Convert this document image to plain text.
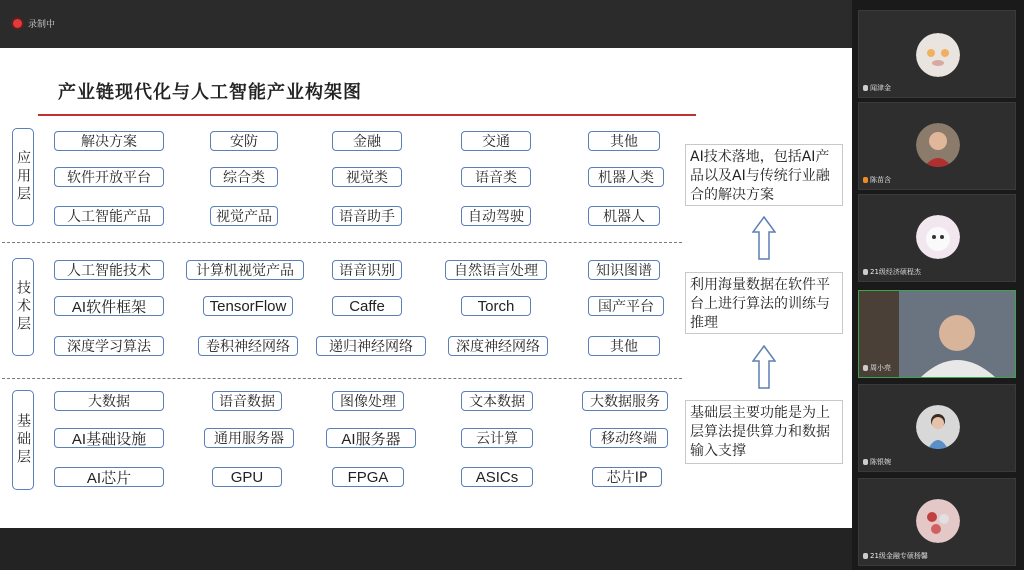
录制中
产业链现代化与人工智能产业构架图
应用层
技术层
基础层
解决方案	安防	金融	交通	其他
软件开放平台	综合类	视觉类	语音类	机器人类
人工智能产品	视觉产品	语音助手	自动驾驶	机器人
人工智能技术	计算机视觉产品	语音识别	自然语言处理	知识图谱
AI软件框架	TensorFlow	Caffe	Torch	国产平台
深度学习算法	卷积神经网络	递归神经网络	深度神经网络	其他
大数据	语音数据	图像处理	文本数据	大数据服务
AI基础设施	通用服务器	AI服务器	云计算	移动终端
AI芯片	GPU	FPGA	ASICs	芯片IP
AI技术落地，包括AI产品以及AI与传统行业融合的解决方案
利用海量数据在软件平台上进行算法的训练与推理
基础层主要功能是为上层算法提供算力和数据输入支撑
闻津金
陈苗含
21级经济硕程杰
周小亮
陈银婉
21级金融专硕杨馨
